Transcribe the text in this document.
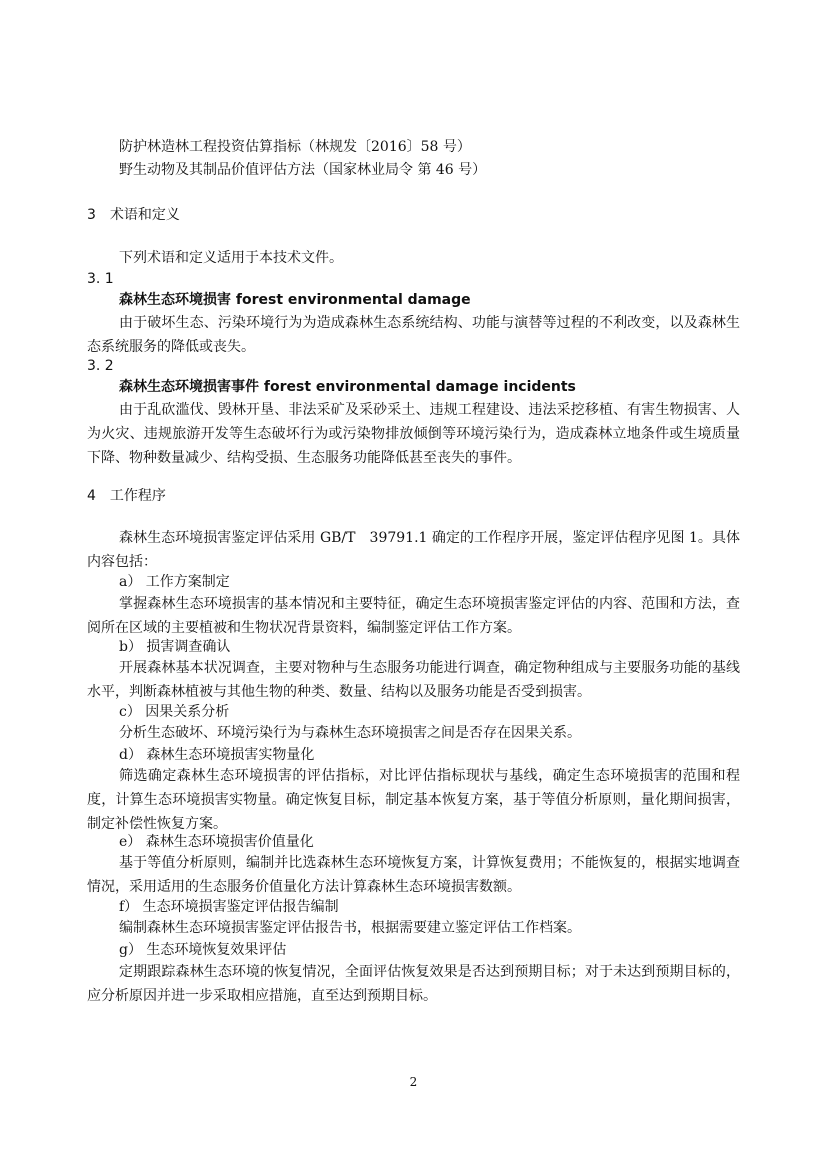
防护林造林工程投资估算指标（林规发〔2016〕58 号）
野生动物及其制品价值评估方法（国家林业局令 第 46 号）
3　术语和定义
下列术语和定义适用于本技术文件。
3. 1
森林生态环境损害 forest environmental damage
由于破坏生态、污染环境行为为造成森林生态系统结构、功能与演替等过程的不利改变，以及森林生态系统服务的降低或丧失。
3. 2
森林生态环境损害事件 forest environmental damage incidents
由于乱砍滥伐、毁林开垦、非法采矿及采砂采土、违规工程建设、违法采挖移植、有害生物损害、人为火灾、违规旅游开发等生态破坏行为或污染物排放倾倒等环境污染行为，造成森林立地条件或生境质量下降、物种数量减少、结构受损、生态服务功能降低甚至丧失的事件。
4　工作程序
森林生态环境损害鉴定评估采用 GB/T　39791.1 确定的工作程序开展，鉴定评估程序见图 1。具体内容包括：
a） 工作方案制定
掌握森林生态环境损害的基本情况和主要特征，确定生态环境损害鉴定评估的内容、范围和方法，查阅所在区域的主要植被和生物状况背景资料，编制鉴定评估工作方案。
b） 损害调查确认
开展森林基本状况调查，主要对物种与生态服务功能进行调查，确定物种组成与主要服务功能的基线水平，判断森林植被与其他生物的种类、数量、结构以及服务功能是否受到损害。
c） 因果关系分析
分析生态破坏、环境污染行为与森林生态环境损害之间是否存在因果关系。
d） 森林生态环境损害实物量化
筛选确定森林生态环境损害的评估指标，对比评估指标现状与基线，确定生态环境损害的范围和程度，计算生态环境损害实物量。确定恢复目标，制定基本恢复方案，基于等值分析原则，量化期间损害，制定补偿性恢复方案。
e） 森林生态环境损害价值量化
基于等值分析原则，编制并比选森林生态环境恢复方案，计算恢复费用；不能恢复的，根据实地调查情况，采用适用的生态服务价值量化方法计算森林生态环境损害数额。
f） 生态环境损害鉴定评估报告编制
编制森林生态环境损害鉴定评估报告书，根据需要建立鉴定评估工作档案。
g） 生态环境恢复效果评估
定期跟踪森林生态环境的恢复情况，全面评估恢复效果是否达到预期目标；对于未达到预期目标的，应分析原因并进一步采取相应措施，直至达到预期目标。
2
